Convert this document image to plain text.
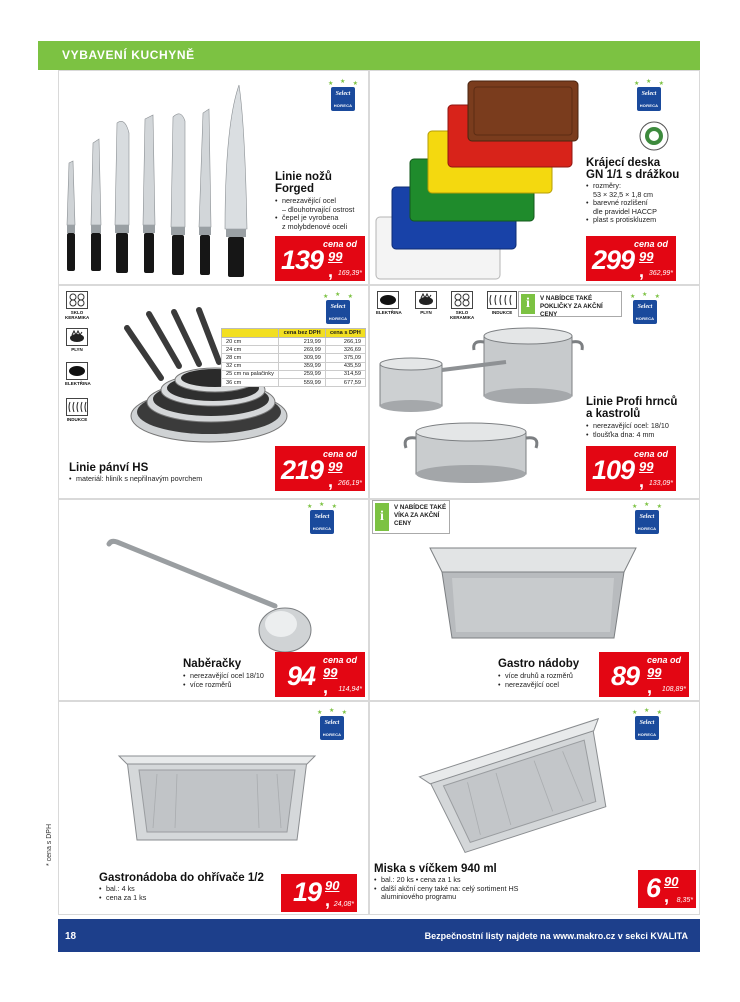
VYBAVENÍ KUCHYNĚ
★ ★ ★
Select
HORECA
Linie nožů
Forged
• nerezavějící ocel
– dlouhotrvající ostrost
• čepel je vyrobena
z molybdenové oceli
cena od
139 99
, 169,39*
★ ★ ★
Select
HORECA
Krájecí deska
GN 1/1 s drážkou
• rozměry:
53 × 32,5 × 1,8 cm
• barevné rozlišení
dle pravidel HACCP
• plast s protiskluzem
cena od
299 99
, 362,99*
★ ★ ★
Select
HORECA
SKLO KERAMIKA
PLYN
ELEKTŘINA
INDUKCE
	cena bez DPH	cena s DPH
20 cm	219,99	266,19
24 cm	269,99	326,69
28 cm	309,99	375,09
32 cm	359,99	435,59
25 cm na palačinky	259,99	314,59
36 cm	559,99	677,59
Linie pánví HS
• materiál: hliník s nepřilnavým povrchem
cena od
219 99
, 266,19*
ELEKTŘINA	PLYN	SKLO KERAMIKA
INDUKCE
i	V NABÍDCE TAKÉ
POKLIČKY ZA AKČNÍ CENY
★ ★ ★
Select
HORECA
Linie Profi hrnců
a kastrolů
• nerezavějící ocel: 18/10
• tloušťka dna: 4 mm
cena od
109 99
, 133,09*
★ ★ ★
Select
HORECA
Naběračky
• nerezavějící ocel 18/10
• více rozměrů
cena od
94 99
, 114,94*
i
V NABÍDCE TAKÉ
VÍKA ZA AKČNÍ
CENY
★ ★ ★
Select
HORECA
Gastro nádoby
• více druhů a rozměrů
• nerezavějící ocel
cena od
89 99
, 108,89*
★ ★ ★
Select
HORECA
Gastronádoba do ohřívače 1/2
• bal.: 4 ks
• cena za 1 ks	19 90
, 24,08*
★ ★ ★
Select
HORECA
Miska s víčkem 940 ml
• bal.: 20 ks • cena za 1 ks
• další akční ceny také na: celý sortiment HS
aluminiového programu	6 90
, 8,35*
* cena s DPH
18	Bezpečnostní listy najdete na www.makro.cz v sekci KVALITA
